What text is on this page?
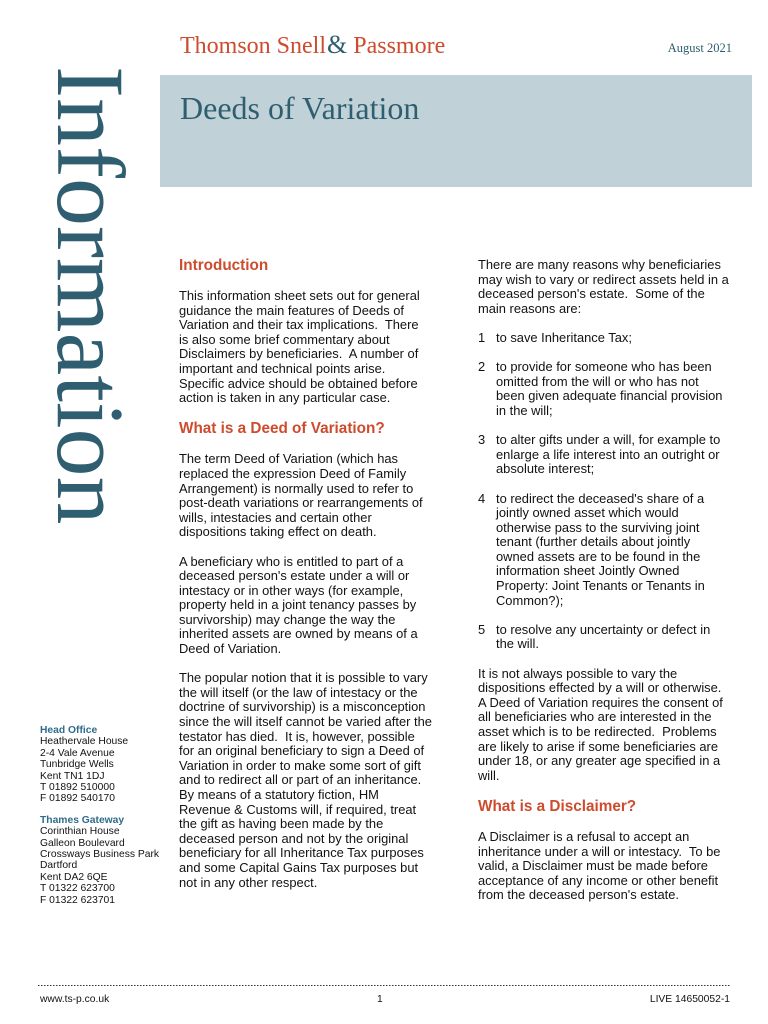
Thomson Snell& Passmore	August 2021
Deeds of Variation
Information Introduction
This information sheet sets out for general
guidance the main features of Deeds of
Variation and their tax implications.  There
is also some brief commentary about
Disclaimers by beneficiaries.  A number of
important and technical points arise.
Specific advice should be obtained before
action is taken in any particular case.
What is a Deed of Variation?
The term Deed of Variation (which has
replaced the expression Deed of Family
Arrangement) is normally used to refer to
post-death variations or rearrangements of
wills, intestacies and certain other
dispositions taking effect on death.
A beneficiary who is entitled to part of a
deceased person's estate under a will or
intestacy or in other ways (for example,
property held in a joint tenancy passes by
survivorship) may change the way the
inherited assets are owned by means of a
Deed of Variation.
The popular notion that it is possible to vary
the will itself (or the law of intestacy or the
doctrine of survivorship) is a misconception
since the will itself cannot be varied after the
testator has died.  It is, however, possible
for an original beneficiary to sign a Deed of
Variation in order to make some sort of gift
and to redirect all or part of an inheritance.
By means of a statutory fiction, HM
Revenue & Customs will, if required, treat
the gift as having been made by the
deceased person and not by the original
beneficiary for all Inheritance Tax purposes
and some Capital Gains Tax purposes but
not in any other respect.
There are many reasons why beneficiaries
may wish to vary or redirect assets held in a
deceased person's estate.  Some of the
main reasons are:
1 to save Inheritance Tax;
2 to provide for someone who has been
omitted from the will or who has not
been given adequate financial provision
in the will;
3 to alter gifts under a will, for example to
enlarge a life interest into an outright or
absolute interest;
4 to redirect the deceased's share of a
jointly owned asset which would
otherwise pass to the surviving joint
tenant (further details about jointly
owned assets are to be found in the
information sheet Jointly Owned
Property: Joint Tenants or Tenants in
Common?);
5 to resolve any uncertainty or defect in
the will.
It is not always possible to vary the
dispositions effected by a will or otherwise.
A Deed of Variation requires the consent of
all beneficiaries who are interested in the
asset which is to be redirected.  Problems
are likely to arise if some beneficiaries are
under 18, or any greater age specified in a
will.
What is a Disclaimer?
A Disclaimer is a refusal to accept an
inheritance under a will or intestacy.  To be
valid, a Disclaimer must be made before
acceptance of any income or other benefit
from the deceased person's estate.
Head Office
Heathervale House
2-4 Vale Avenue
Tunbridge Wells
Kent TN1 1DJ
T 01892 510000
F 01892 540170
Thames Gateway
Corinthian House
Galleon Boulevard
Crossways Business Park
Dartford
Kent DA2 6QE
T 01322 623700
F 01322 623701
www.ts-p.co.uk	1	LIVE 14650052-1
